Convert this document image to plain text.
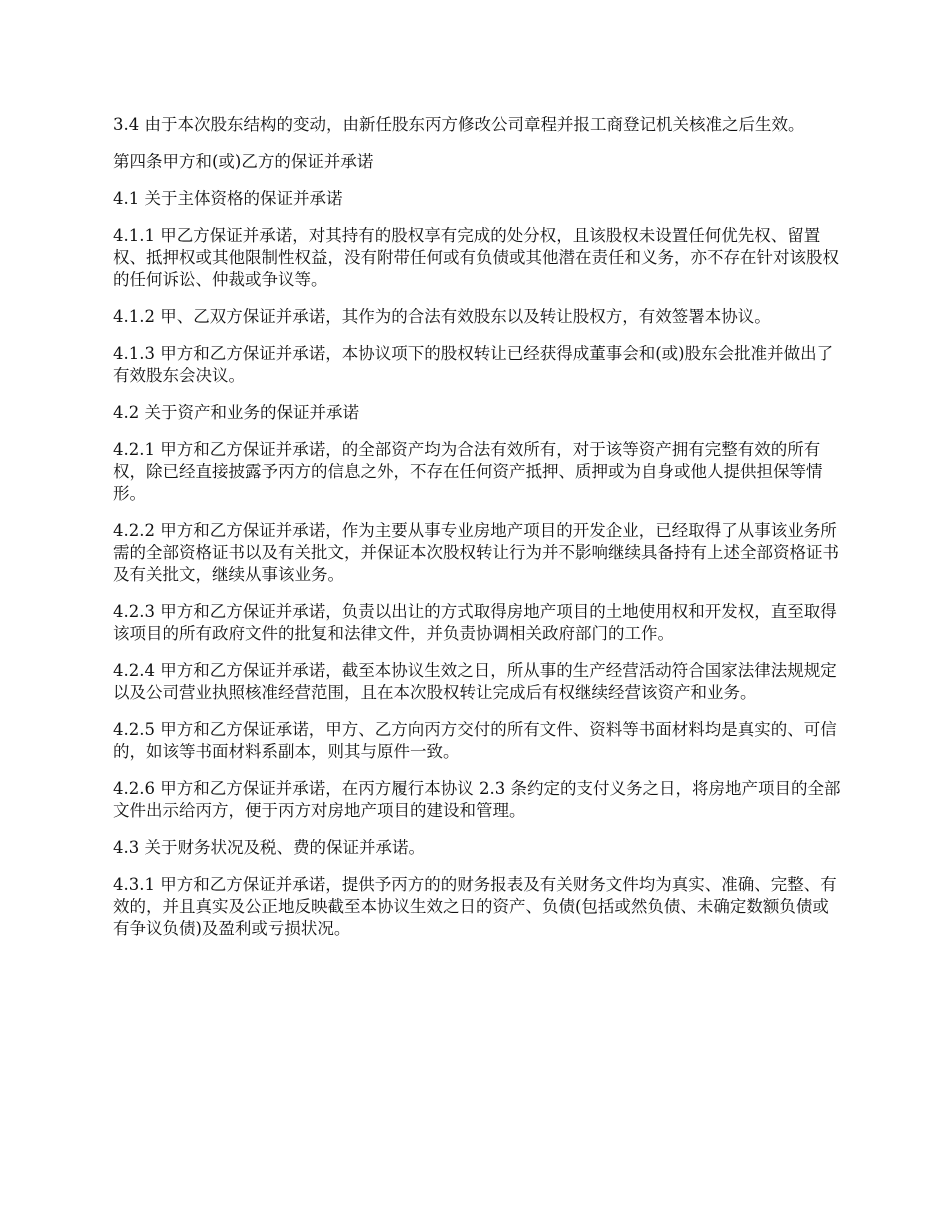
3.4 由于本次股东结构的变动，由新任股东丙方修改公司章程并报工商登记机关核准之后生效。

第四条甲方和(或)乙方的保证并承诺

4.1 关于主体资格的保证并承诺

4.1.1 甲乙方保证并承诺，对其持有的股权享有完成的处分权，且该股权未设置任何优先权、留置权、抵押权或其他限制性权益，没有附带任何或有负债或其他潜在责任和义务，亦不存在针对该股权的任何诉讼、仲裁或争议等。

4.1.2 甲、乙双方保证并承诺，其作为的合法有效股东以及转让股权方，有效签署本协议。

4.1.3 甲方和乙方保证并承诺，本协议项下的股权转让已经获得成董事会和(或)股东会批准并做出了有效股东会决议。

4.2 关于资产和业务的保证并承诺

4.2.1 甲方和乙方保证并承诺，的全部资产均为合法有效所有，对于该等资产拥有完整有效的所有权，除已经直接披露予丙方的信息之外，不存在任何资产抵押、质押或为自身或他人提供担保等情形。

4.2.2 甲方和乙方保证并承诺，作为主要从事专业房地产项目的开发企业，已经取得了从事该业务所需的全部资格证书以及有关批文，并保证本次股权转让行为并不影响继续具备持有上述全部资格证书及有关批文，继续从事该业务。

4.2.3 甲方和乙方保证并承诺，负责以出让的方式取得房地产项目的土地使用权和开发权，直至取得该项目的所有政府文件的批复和法律文件，并负责协调相关政府部门的工作。

4.2.4 甲方和乙方保证并承诺，截至本协议生效之日，所从事的生产经营活动符合国家法律法规规定以及公司营业执照核准经营范围，且在本次股权转让完成后有权继续经营该资产和业务。

4.2.5 甲方和乙方保证承诺，甲方、乙方向丙方交付的所有文件、资料等书面材料均是真实的、可信的，如该等书面材料系副本，则其与原件一致。

4.2.6 甲方和乙方保证并承诺，在丙方履行本协议 2.3 条约定的支付义务之日，将房地产项目的全部文件出示给丙方，便于丙方对房地产项目的建设和管理。

4.3 关于财务状况及税、费的保证并承诺。

4.3.1 甲方和乙方保证并承诺，提供予丙方的的财务报表及有关财务文件均为真实、准确、完整、有效的，并且真实及公正地反映截至本协议生效之日的资产、负债(包括或然负债、未确定数额负债或有争议负债)及盈利或亏损状况。
